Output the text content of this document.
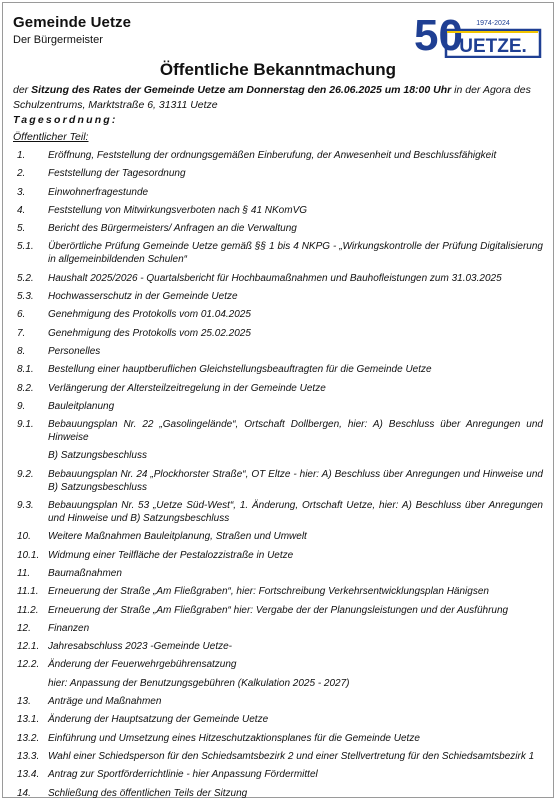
Gemeinde Uetze
Der Bürgermeister	50 1974-2024
UETZE.
Öffentliche Bekanntmachung
der Sitzung des Rates der Gemeinde Uetze am Donnerstag den 26.06.2025 um 18:00 Uhr in der Agora des Schulzentrums, Marktstraße 6, 31311 Uetze
Tagesordnung:
Öffentlicher Teil:
1.	Eröffnung, Feststellung der ordnungsgemäßen Einberufung, der Anwesenheit und Beschlussfähigkeit
2.	Feststellung der Tagesordnung
3.	Einwohnerfragestunde
4.	Feststellung von Mitwirkungsverboten nach § 41 NKomVG
5.	Bericht des Bürgermeisters/ Anfragen an die Verwaltung
5.1.	Überörtliche Prüfung Gemeinde Uetze gemäß §§ 1 bis 4 NKPG - „Wirkungskontrolle der Prüfung Digitalisierung in allgemeinbildenden Schulen“
5.2.	Haushalt 2025/2026 - Quartalsbericht für Hochbaumaßnahmen und Bauhofleistungen zum 31.03.2025
5.3.	Hochwasserschutz in der Gemeinde Uetze
6.	Genehmigung des Protokolls vom 01.04.2025
7.	Genehmigung des Protokolls vom 25.02.2025
8.	Personelles
8.1.	Bestellung einer hauptberuflichen Gleichstellungsbeauftragten für die Gemeinde Uetze
8.2.	Verlängerung der Altersteilzeitregelung in der Gemeinde Uetze
9.	Bauleitplanung
9.1.	Bebauungsplan Nr. 22 „Gasolingelände“, Ortschaft Dollbergen, hier: A) Beschluss über Anregungen und Hinweise
B) Satzungsbeschluss
9.2.	Bebauungsplan Nr. 24 „Plockhorster Straße“, OT Eltze - hier: A) Beschluss über Anregungen und Hinweise und B) Satzungsbeschluss
9.3.	Bebauungsplan Nr. 53 „Uetze Süd-West“, 1. Änderung, Ortschaft Uetze, hier: A) Beschluss über Anregungen und Hinweise und B) Satzungsbeschluss
10.	Weitere Maßnahmen Bauleitplanung, Straßen und Umwelt
10.1. Widmung einer Teilfläche der Pestalozzistraße in Uetze
11.	Baumaßnahmen
11.1. Erneuerung der Straße „Am Fließgraben“, hier: Fortschreibung Verkehrsentwicklungsplan Hänigsen
11.2. Erneuerung der Straße „Am Fließgraben“ hier: Vergabe der der Planungsleistungen und der Ausführung
12.	Finanzen
12.1. Jahresabschluss 2023 -Gemeinde Uetze-
12.2. Änderung der Feuerwehrgebührensatzung
hier: Anpassung der Benutzungsgebühren (Kalkulation 2025 - 2027)
13.	Anträge und Maßnahmen
13.1. Änderung der Hauptsatzung der Gemeinde Uetze
13.2. Einführung und Umsetzung eines Hitzeschutzaktionsplanes für die Gemeinde Uetze
13.3. Wahl einer Schiedsperson für den Schiedsamtsbezirk 2 und einer Stellvertretung für den Schiedsamtsbezirk 1
13.4. Antrag zur Sportförderrichtlinie - hier Anpassung Fördermittel
14.	Schließung des öffentlichen Teils der Sitzung
